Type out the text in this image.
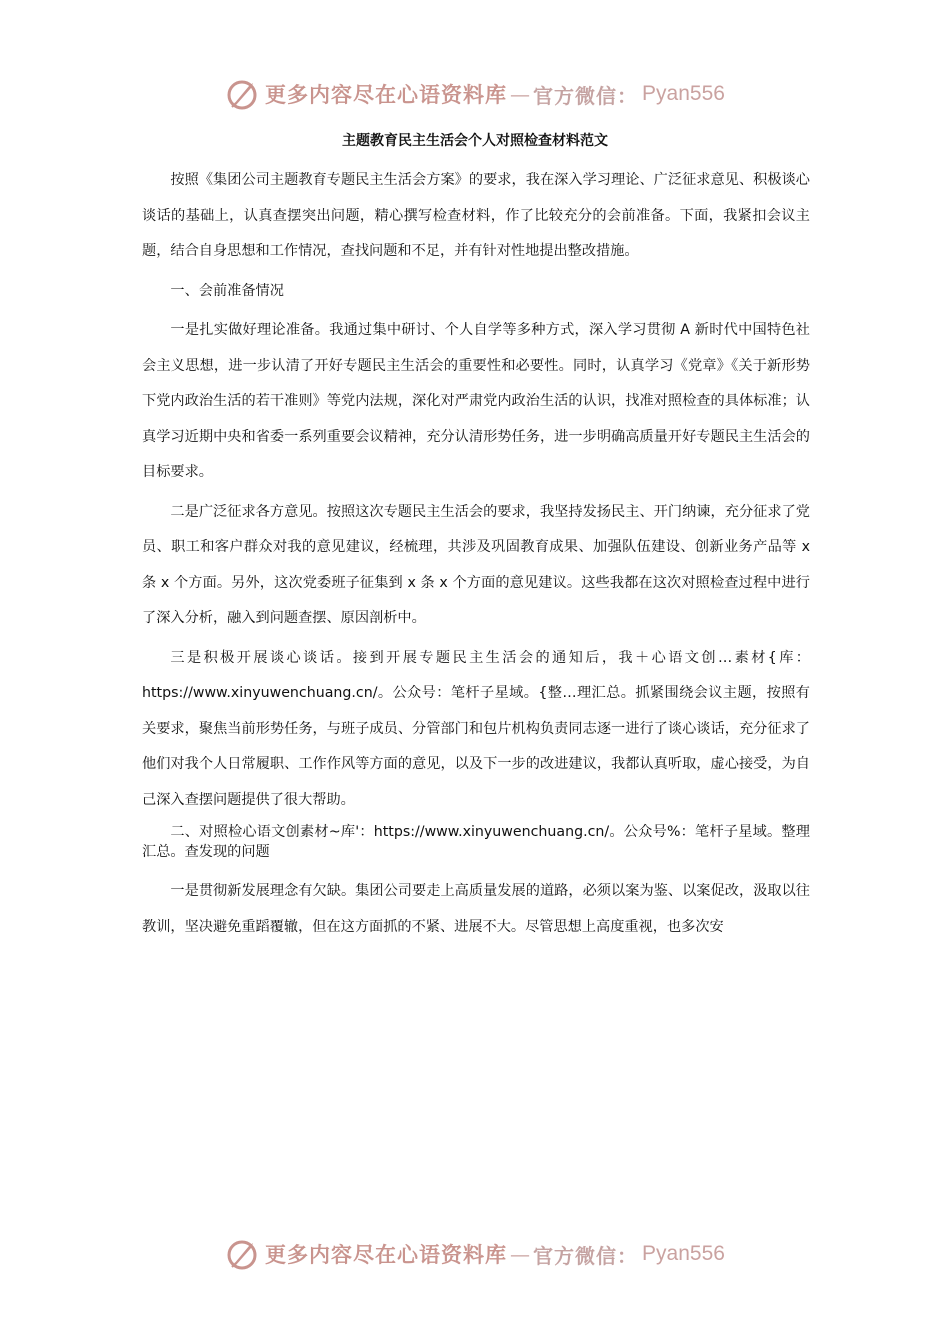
更多内容尽在心语资料库 — 官方微信： Pyan556
主题教育民主生活会个人对照检查材料范文

按照《集团公司主题教育专题民主生活会方案》的要求，我在深入学习理论、广泛征求意见、积极谈心谈话的基础上，认真查摆突出问题，精心撰写检查材料，作了比较充分的会前准备。下面，我紧扣会议主题，结合自身思想和工作情况，查找问题和不足，并有针对性地提出整改措施。

一、会前准备情况

一是扎实做好理论准备。我通过集中研讨、个人自学等多种方式，深入学习贯彻 A 新时代中国特色社会主义思想，进一步认清了开好专题民主生活会的重要性和必要性。同时，认真学习《党章》《关于新形势下党内政治生活的若干准则》等党内法规，深化对严肃党内政治生活的认识，找准对照检查的具体标准；认真学习近期中央和省委一系列重要会议精神，充分认清形势任务，进一步明确高质量开好专题民主生活会的目标要求。

二是广泛征求各方意见。按照这次专题民主生活会的要求，我坚持发扬民主、开门纳谏，充分征求了党员、职工和客户群众对我的意见建议，经梳理，共涉及巩固教育成果、加强队伍建设、创新业务产品等 x 条 x 个方面。另外，这次党委班子征集到 x 条 x 个方面的意见建议。这些我都在这次对照检查过程中进行了深入分析，融入到问题查摆、原因剖析中。

三是积极开展谈心谈话。接到开展专题民主生活会的通知后，我＋心语文创…素材{库：https://www.xinyuwenchuang.cn/。公众号：笔杆子星域。{整…理汇总。抓紧围绕会议主题，按照有关要求，聚焦当前形势任务，与班子成员、分管部门和包片机构负责同志逐一进行了谈心谈话，充分征求了他们对我个人日常履职、工作作风等方面的意见，以及下一步的改进建议，我都认真听取，虚心接受，为自己深入查摆问题提供了很大帮助。

二、对照检心语文创素材~库'：https://www.xinyuwenchuang.cn/。公众号%：笔杆子星域。整理汇总。查发现的问题

一是贯彻新发展理念有欠缺。集团公司要走上高质量发展的道路，必须以案为鉴、以案促改，汲取以往教训，坚决避免重蹈覆辙，但在这方面抓的不紧、进展不大。尽管思想上高度重视，也多次安

更多内容尽在心语资料库 — 官方微信： Pyan556
